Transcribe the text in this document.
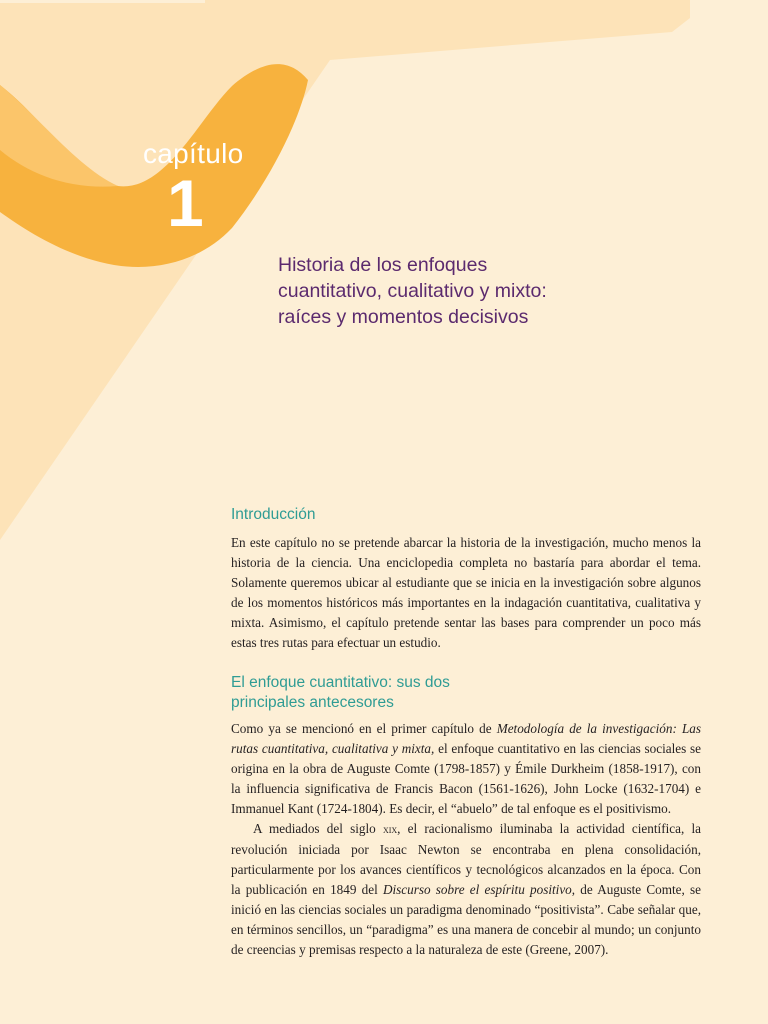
capítulo
1
Historia de los enfoques
cuantitativo, cualitativo y mixto:
raíces y momentos decisivos
Introducción

En este capítulo no se pretende abarcar la historia de la investigación, mucho menos la historia de la ciencia. Una enciclopedia completa no bastaría para abordar el tema. Solamente queremos ubicar al estudiante que se inicia en la investigación sobre algunos de los momentos históricos más importantes en la indagación cuantitativa, cualitativa y mixta. Asimismo, el capítulo pretende sentar las bases para comprender un poco más estas tres rutas para efectuar un estudio.

El enfoque cuantitativo: sus dos
principales antecesores

Como ya se mencionó en el primer capítulo de Metodología de la investigación: Las rutas cuantitativa, cualitativa y mixta, el enfoque cuantitativo en las ciencias sociales se origina en la obra de Auguste Comte (1798-1857) y Émile Durkheim (1858-1917), con la influencia significativa de Francis Bacon (1561-1626), John Locke (1632-1704) e Immanuel Kant (1724-1804). Es decir, el “abuelo” de tal enfoque es el positivismo.

A mediados del siglo xix, el racionalismo iluminaba la actividad científica, la revolución iniciada por Isaac Newton se encontraba en plena consolidación, particularmente por los avances científicos y tecnológicos alcanzados en la época. Con la publicación en 1849 del Discurso sobre el espíritu positivo, de Auguste Comte, se inició en las ciencias sociales un paradigma denominado “positivista”. Cabe señalar que, en términos sencillos, un “paradigma” es una manera de concebir al mundo; un conjunto de creencias y premisas respecto a la naturaleza de este (Greene, 2007).
